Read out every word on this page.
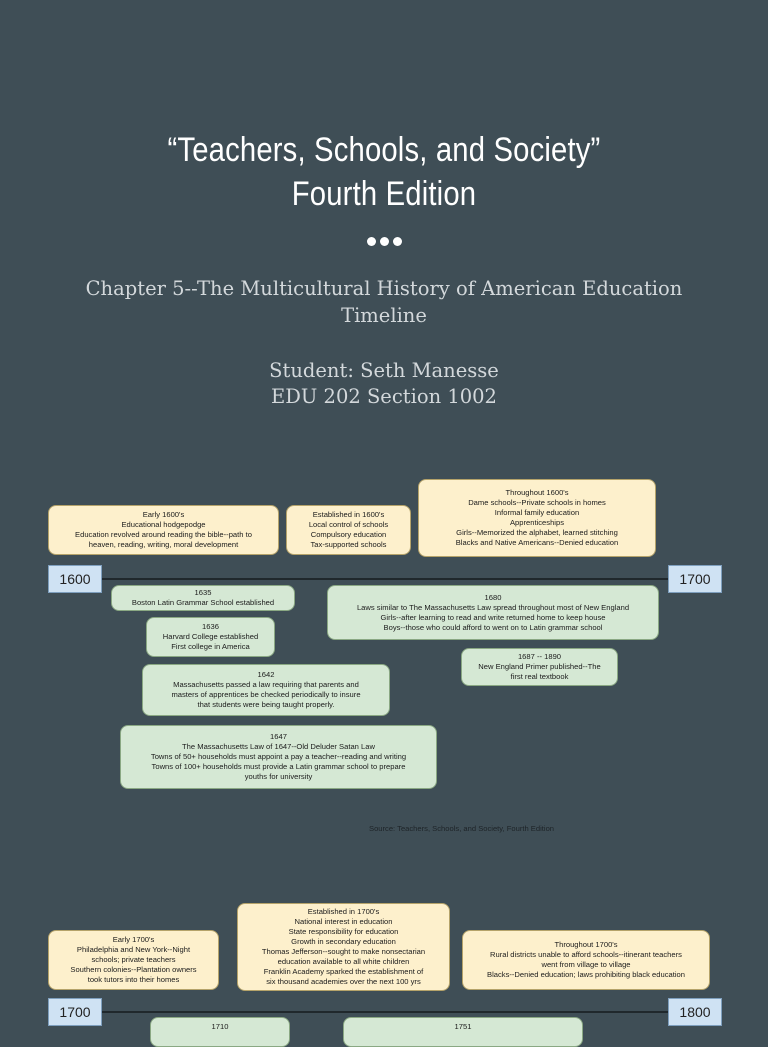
“Teachers, Schools, and Society”
Fourth Edition
Chapter 5--The Multicultural History of American Education
Timeline
Student: Seth Manesse
EDU 202 Section 1002
1600	1700
Early 1600's
Educational hodgepodge
Education revolved around reading the bible--path to
heaven, reading, writing, moral development
Established in 1600's
Local control of schools
Compulsory education
Tax-supported schools
Throughout 1600's
Dame schools--Private schools in homes
Informal family education
Apprenticeships
Girls--Memorized the alphabet, learned stitching
Blacks and Native Americans--Denied education
1635
Boston Latin Grammar School established
1636
Harvard College established
First college in America
1642
Massachusetts passed a law requiring that parents and
masters of apprentices be checked periodically to insure
that students were being taught properly.
1647
The Massachusetts Law of 1647--Old Deluder Satan Law
Towns of 50+ households must appoint a pay a teacher--reading and writing
Towns of 100+ households must provide a Latin grammar school to prepare
youths for university
1680
Laws similar to The Massachusetts Law spread throughout most of New England
Girls--after learning to read and write returned home to keep house
Boys--those who could afford to went on to Latin grammar school
1687 -- 1890
New England Primer published--The
first real textbook
Source: Teachers, Schools, and Society, Fourth Edition
1700	1800
Early 1700's
Philadelphia and New York--Night
schools; private teachers
Southern colonies--Plantation owners
took tutors into their homes
Established in 1700's
National interest in education
State responsibility for education
Growth in secondary education
Thomas Jefferson--sought to make nonsectarian
education available to all white children
Franklin Academy sparked the establishment of
six thousand academies over the next 100 yrs
Throughout 1700's
Rural districts unable to afford schools--itinerant teachers
went from village to village
Blacks--Denied education; laws prohibiting black education
1710	1751
